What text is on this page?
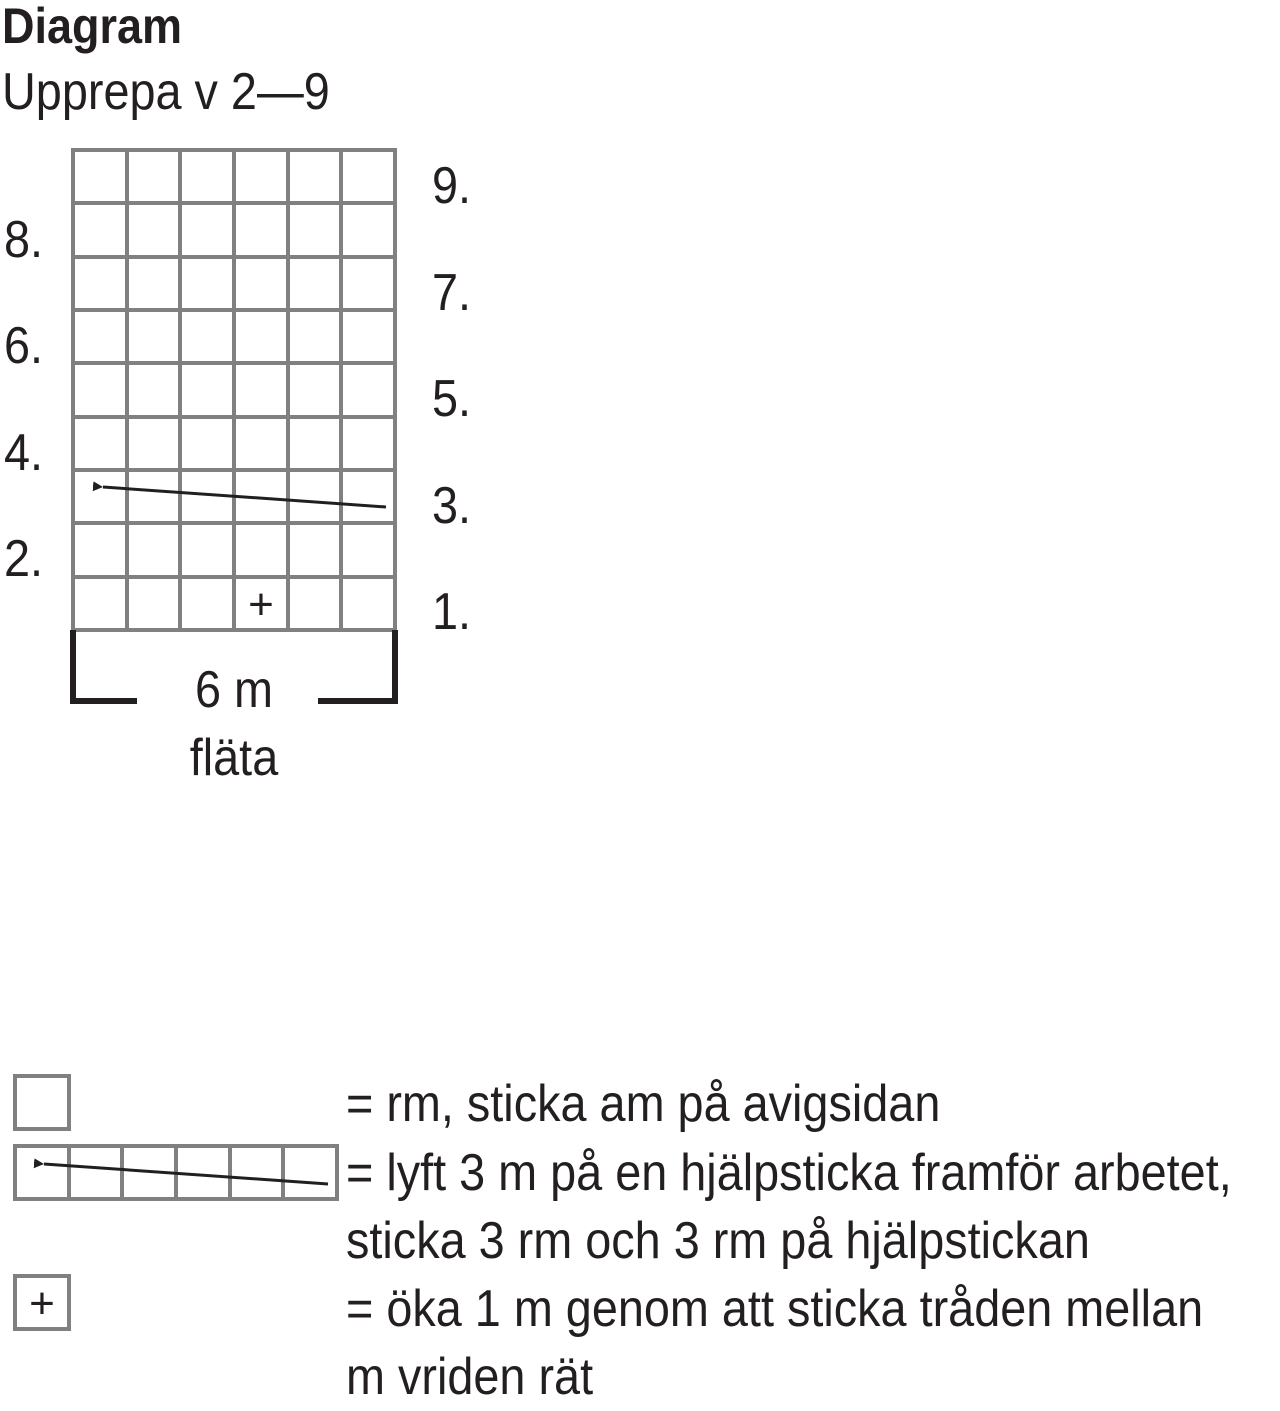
Diagram

Upprepa v 2—9

+
+
8.
6.
4.
2.
9.
7.
5.
3.
1.
6 m
fläta
= rm, sticka am på avigsidan
= lyft 3 m på en hjälpsticka framför arbetet,
sticka 3 rm och 3 rm på hjälpstickan
= öka 1 m genom att sticka tråden mellan
m vriden rät
